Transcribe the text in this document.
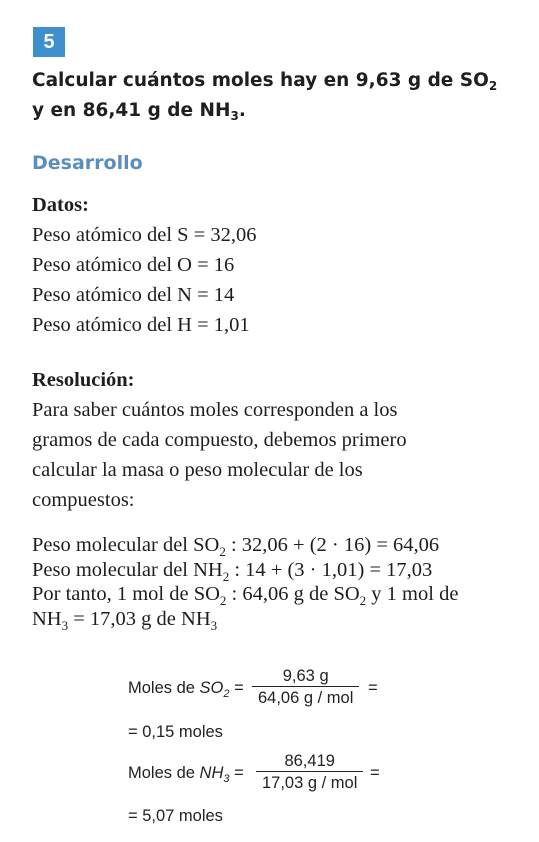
5
Calcular cuántos moles hay en 9,63 g de $SO_2$
y en 86,41 g de $NH_3$.
Desarrollo
Datos:
Peso atómico del S = 32,06
Peso atómico del O = 16
Peso atómico del N = 14
Peso atómico del H = 1,01
Resolución:
Para saber cuántos moles corresponden a los
gramos de cada compuesto, debemos primero
calcular la masa o peso molecular de los
compuestos:
Peso molecular del $SO_2$ : 32,06 + (2 · 16) = 64,06
Peso molecular del $NH_2$ : 14 + (3 · 1,01) = 17,03
Por tanto, 1 mol de $SO_2$ : 64,06 g de $SO_2$ y 1 mol de
$NH_3 = 17,03$ g de $NH_3$
Moles de $SO_2$ =
9,63 g
64,06 g / mol
=
= 0,15 moles
Moles de $NH_3$ =
86,419
17,03 g / mol
=
= 5,07 moles
